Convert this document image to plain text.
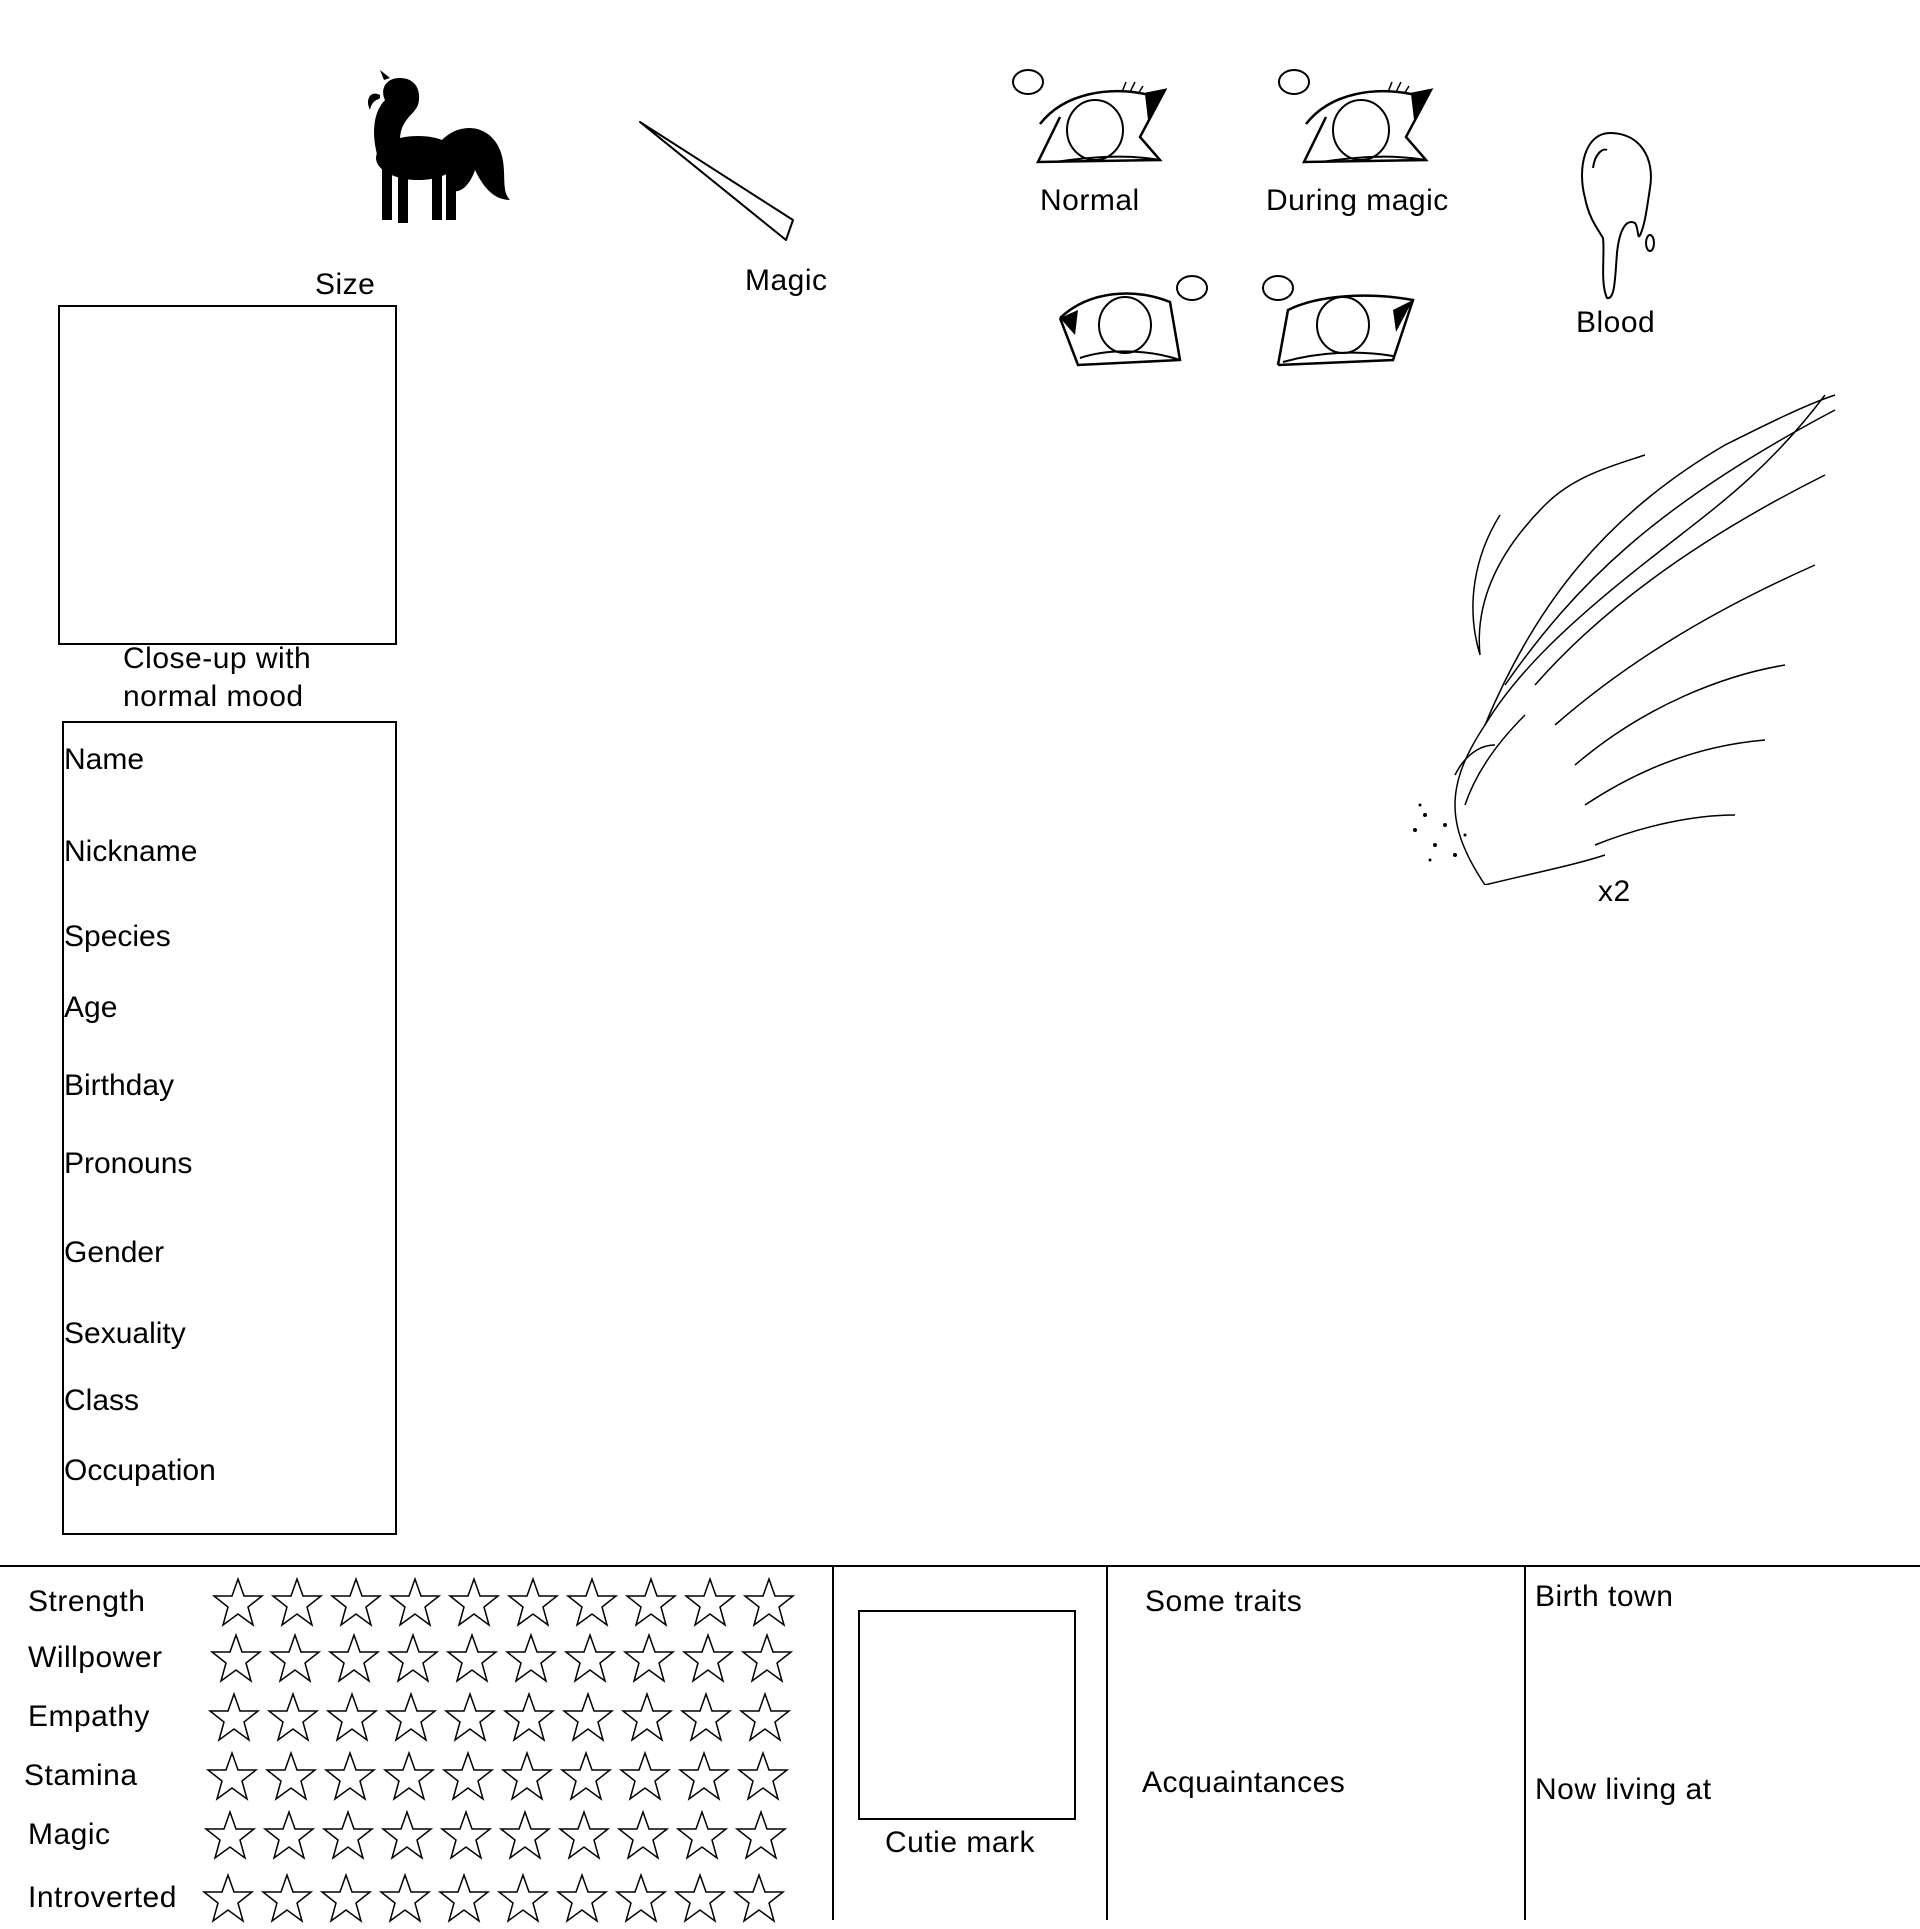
Size	Magic
Normal	During magic
Blood
x2
Close-up with
normal mood
Name
Nickname
Species
Age
Birthday
Pronouns
Gender
Sexuality
Class
Occupation
Strength
Willpower
Empathy
Stamina
Magic
Introverted
Cutie mark
Some traits
Acquaintances
Birth town
Now living at
